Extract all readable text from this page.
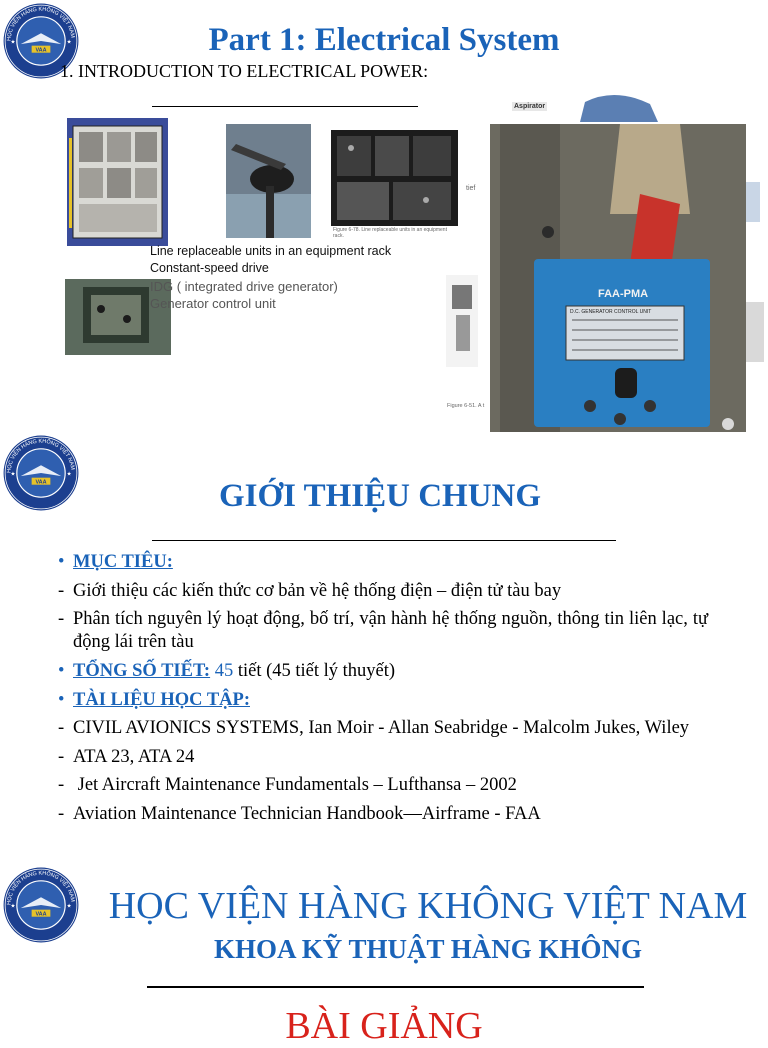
HỌC VIỆN HÀNG KHÔNG VIỆT NAM
VAA
★	★	Part 1: Electrical System
1. INTRODUCTION TO ELECTRICAL POWER:
Figure 6-78. Line replaceable units in an equipment rack.
tief
Aspirator
FAA-PMA
D.C. GENERATOR CONTROL UNIT
Figure 6-51. A t
Line replaceable units in an equipment rack
Constant-speed drive
IDG ( integrated drive generator)
Generator control unit
HỌC VIỆN HÀNG KHÔNG VIỆT NAM
VAA
★	★
GIỚI THIỆU CHUNG
• MỤC TIÊU:
- Giới thiệu các kiến thức cơ bản về hệ thống điện – điện tử tàu bay
- Phân tích nguyên lý hoạt động, bố trí, vận hành hệ thống nguồn, thông tin liên lạc, tự động lái trên tàu
• TỔNG SỐ TIẾT: 45 tiết (45 tiết lý thuyết)
• TÀI LIỆU HỌC TẬP:
- CIVIL AVIONICS SYSTEMS, Ian Moir - Allan Seabridge - Malcolm Jukes, Wiley
- ATA 23, ATA 24
- Jet Aircraft Maintenance Fundamentals – Lufthansa – 2002
- Aviation Maintenance Technician Handbook—Airframe - FAA
HỌC VIỆN HÀNG KHÔNG VIỆT NAM
VAA
★	★ HỌC VIỆN HÀNG KHÔNG VIỆT NAM
KHOA KỸ THUẬT HÀNG KHÔNG
BÀI GIẢNG
